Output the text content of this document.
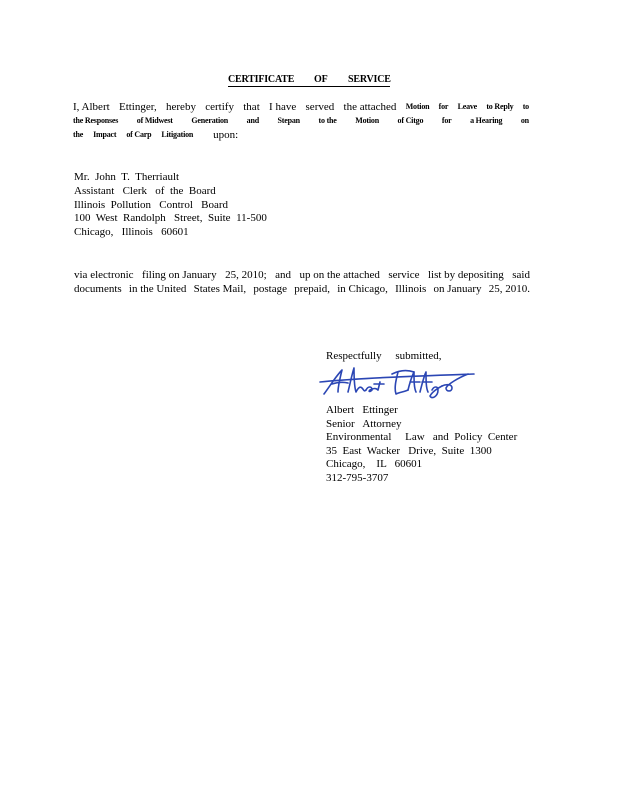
CERTIFICATE OF SERVICE
I, Albert Ettinger, hereby certify that I have served the attached Motion for Leave to Reply to
the Responses of Midwest Generation and Stepan to the Motion of Citgo for a Hearing on
the Impact of Carp Litigation upon:
Mr.  John  T.  Therriault
Assistant   Clerk   of  the  Board
Illinois  Pollution   Control   Board
100  West  Randolph   Street,  Suite  11-500
Chicago,   Illinois   60601
via electronic filing on January 25, 2010; and up on the attached service list by depositing said
documents in the United States Mail, postage prepaid, in Chicago, Illinois on January 25, 2010.
Respectfully     submitted,
Albert   Ettinger
Senior   Attorney
Environmental     Law   and  Policy  Center
35  East  Wacker   Drive,  Suite  1300
Chicago,    IL   60601
312-795-3707
